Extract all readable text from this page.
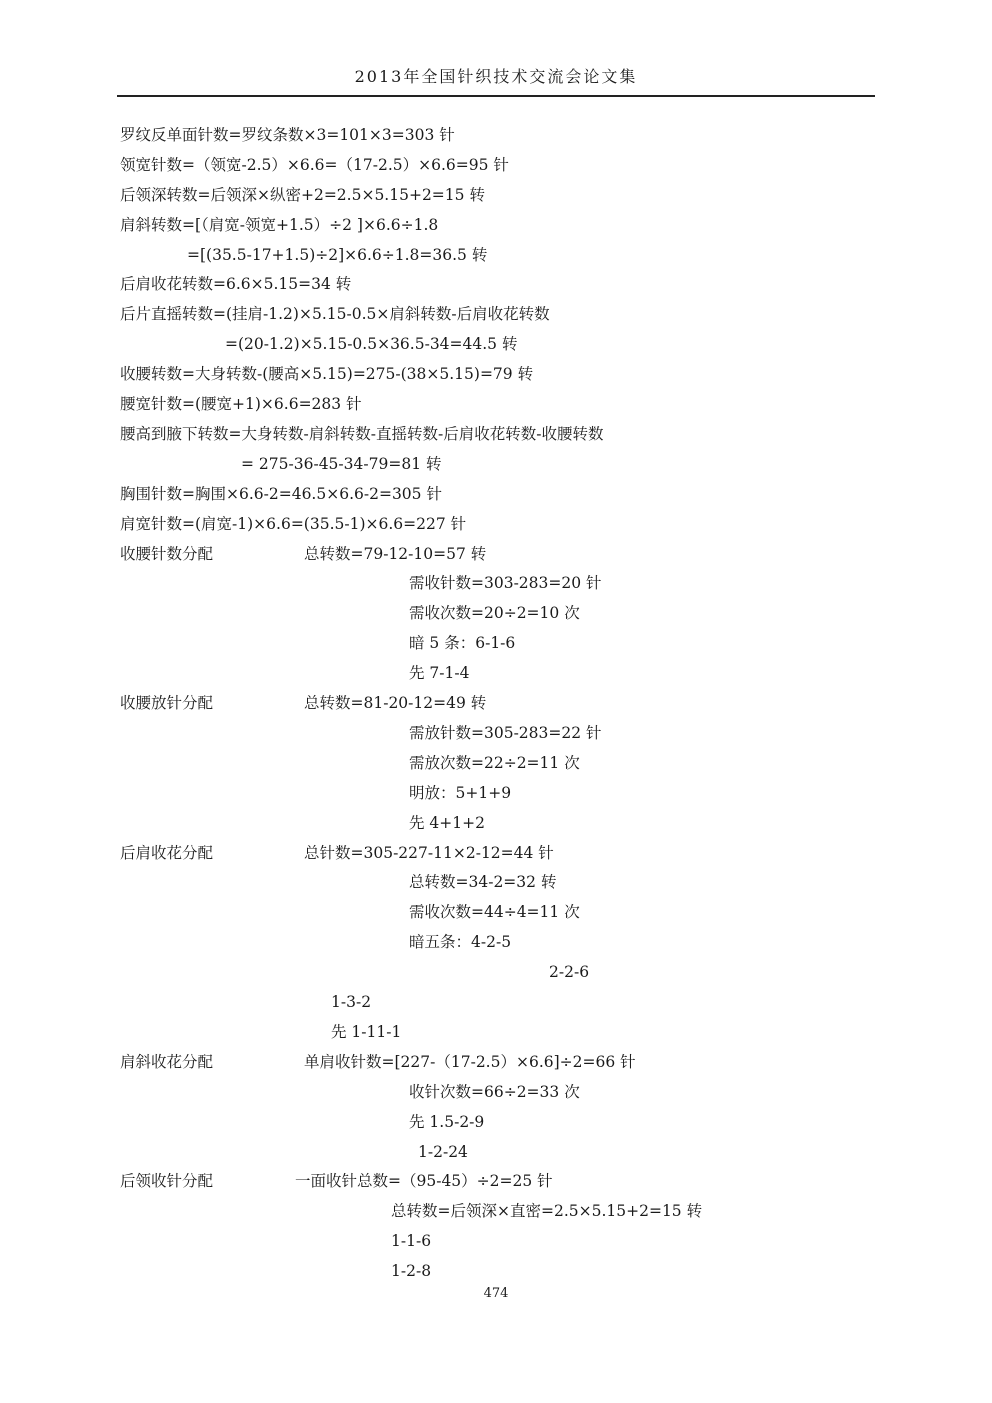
2013年全国针织技术交流会论文集
罗纹反单面针数=罗纹条数×3=101×3=303 针
领宽针数=（领宽-2.5）×6.6=（17-2.5）×6.6=95 针
后领深转数=后领深×纵密+2=2.5×5.15+2=15 转
肩斜转数=[（肩宽-领宽+1.5）÷2 ]×6.6÷1.8
=[(35.5-17+1.5)÷2]×6.6÷1.8=36.5 转
后肩收花转数=6.6×5.15=34 转
后片直摇转数=(挂肩-1.2)×5.15-0.5×肩斜转数-后肩收花转数
=(20-1.2)×5.15-0.5×36.5-34=44.5 转
收腰转数=大身转数-(腰高×5.15)=275-(38×5.15)=79 转
腰宽针数=(腰宽+1)×6.6=283 针
腰高到腋下转数=大身转数-肩斜转数-直摇转数-后肩收花转数-收腰转数
= 275-36-45-34-79=81 转
胸围针数=胸围×6.6-2=46.5×6.6-2=305 针
肩宽针数=(肩宽-1)×6.6=(35.5-1)×6.6=227 针
收腰针数分配	总转数=79-12-10=57 转
需收针数=303-283=20 针
需收次数=20÷2=10 次
暗 5 条：6-1-6
先 7-1-4
收腰放针分配	总转数=81-20-12=49 转
需放针数=305-283=22 针
需放次数=22÷2=11 次
明放：5+1+9
先 4+1+2
后肩收花分配	总针数=305-227-11×2-12=44 针
总转数=34-2=32 转
需收次数=44÷4=11 次
暗五条：4-2-5
2-2-6
1-3-2
先 1-11-1
肩斜收花分配	单肩收针数=[227-（17-2.5）×6.6]÷2=66 针
收针次数=66÷2=33 次
先 1.5-2-9
1-2-24
后领收针分配	一面收针总数=（95-45）÷2=25 针
总转数=后领深×直密=2.5×5.15+2=15 转
1-1-6
1-2-8
474
